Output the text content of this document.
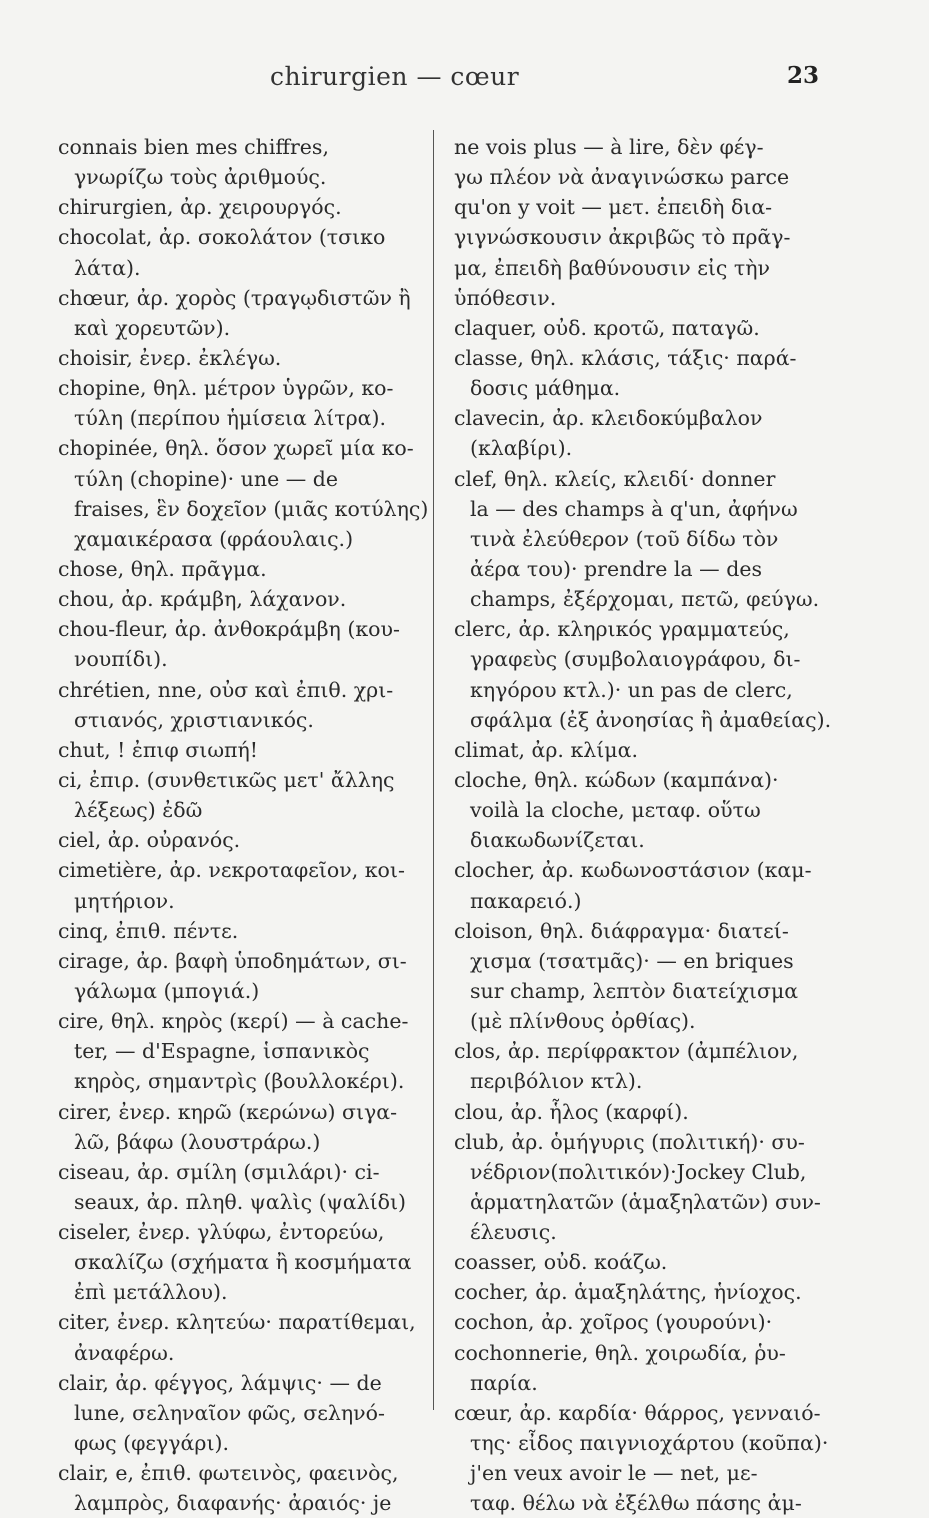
chirurgien — cœur	23
connais bien mes chiffres,
γνωρίζω τοὺς ἀριθμούς.
chirurgien, ἀρ. χειρουργός.
chocolat, ἀρ. σοκολάτον (τσικο
λάτα).
chœur, ἀρ. χορὸς (τραγῳδιστῶν ἢ
καὶ χορευτῶν).
choisir, ἐνερ. ἐκλέγω.
chopine, θηλ. μέτρον ὑγρῶν, κο-
τύλη (περίπου ἡμίσεια λίτρα).
chopinée, θηλ. ὅσον χωρεῖ μία κο-
τύλη (chopine)· une — de
fraises, ἓν δοχεῖον (μιᾶς κοτύλης)
χαμαικέρασα (φράουλαις.)
chose, θηλ. πρᾶγμα.
chou, ἀρ. κράμβη, λάχανον.
chou-fleur, ἀρ. ἀνθοκράμβη (κου-
νουπίδι).
chrétien, nne, οὐσ καὶ ἐπιθ. χρι-
στιανός, χριστιανικός.
chut, ! ἐπιφ σιωπή!
ci, ἐπιρ. (συνθετικῶς μετ' ἄλλης
λέξεως) ἐδῶ
ciel, ἀρ. οὐρανός.
cimetière, ἀρ. νεκροταφεῖον, κοι-
μητήριον.
cinq, ἐπιθ. πέντε.
cirage, ἀρ. βαφὴ ὑποδημάτων, σι-
γάλωμα (μπογιά.)
cire, θηλ. κηρὸς (κερί) — à cache-
ter, — d'Espagne, ἱσπανικὸς
κηρὸς, σημαντρὶς (βουλλοκέρι).
cirer, ἐνερ. κηρῶ (κερώνω) σιγα-
λῶ, βάφω (λουστράρω.)
ciseau, ἀρ. σμίλη (σμιλάρι)· ci-
seaux, ἀρ. πληθ. ψαλὶς (ψαλίδι)
ciseler, ἐνερ. γλύφω, ἐντορεύω,
σκαλίζω (σχήματα ἢ κοσμήματα
ἐπὶ μετάλλου).
citer, ἐνερ. κλητεύω· παρατίθεμαι,
ἀναφέρω.
clair, ἀρ. φέγγος, λάμψις· — de
lune, σεληναῖον φῶς, σεληνό-
φως (φεγγάρι).
clair, e, ἐπιθ. φωτεινὸς, φαεινὸς,
λαμπρὸς, διαφανής· ἀραιός· je
ne vois plus — à lire, δὲν φέγ-
γω πλέον νὰ ἀναγινώσκω parce
qu'on y voit — μετ. ἐπειδὴ δια-
γιγνώσκουσιν ἀκριβῶς τὸ πρᾶγ-
μα, ἐπειδὴ βαθύνουσιν εἰς τὴν
ὑπόθεσιν.
claquer, οὐδ. κροτῶ, παταγῶ.
classe, θηλ. κλάσις, τάξις· παρά-
δοσις μάθημα.
clavecin, ἀρ. κλειδοκύμβαλον
(κλαβίρι).
clef, θηλ. κλείς, κλειδί· donner
la — des champs à q'un, ἀφήνω
τινὰ ἐλεύθερον (τοῦ δίδω τὸν
ἀέρα του)· prendre la — des
champs, ἐξέρχομαι, πετῶ, φεύγω.
clerc, ἀρ. κληρικός γραμματεύς,
γραφεὺς (συμβολαιογράφου, δι-
κηγόρου κτλ.)· un pas de clerc,
σφάλμα (ἐξ ἀνοησίας ἢ ἀμαθείας).
climat, ἀρ. κλίμα.
cloche, θηλ. κώδων (καμπάνα)·
voilà la cloche, μεταφ. οὕτω
διακωδωνίζεται.
clocher, ἀρ. κωδωνοστάσιον (καμ-
πακαρειό.)
cloison, θηλ. διάφραγμα· διατεί-
χισμα (τσατμᾶς)· — en briques
sur champ, λεπτὸν διατείχισμα
(μὲ πλίνθους ὀρθίας).
clos, ἀρ. περίφρακτον (ἀμπέλιον,
περιβόλιον κτλ).
clou, ἀρ. ἧλος (καρφί).
club, ἀρ. ὁμήγυρις (πολιτική)· συ-
νέδριον(πολιτικόν)·Jockey Club,
ἁρματηλατῶν (ἁμαξηλατῶν) συν-
έλευσις.
coasser, οὐδ. κοάζω.
cocher, ἀρ. ἁμαξηλάτης, ἡνίοχος.
cochon, ἀρ. χοῖρος (γουρούνι)·
cochonnerie, θηλ. χοιρωδία, ῥυ-
παρία.
cœur, ἀρ. καρδία· θάρρος, γενναιό-
της· εἶδος παιγνιοχάρτου (κοῦπα)·
j'en veux avoir le — net, με-
ταφ. θέλω νὰ ἐξέλθω πάσης ἀμ-
